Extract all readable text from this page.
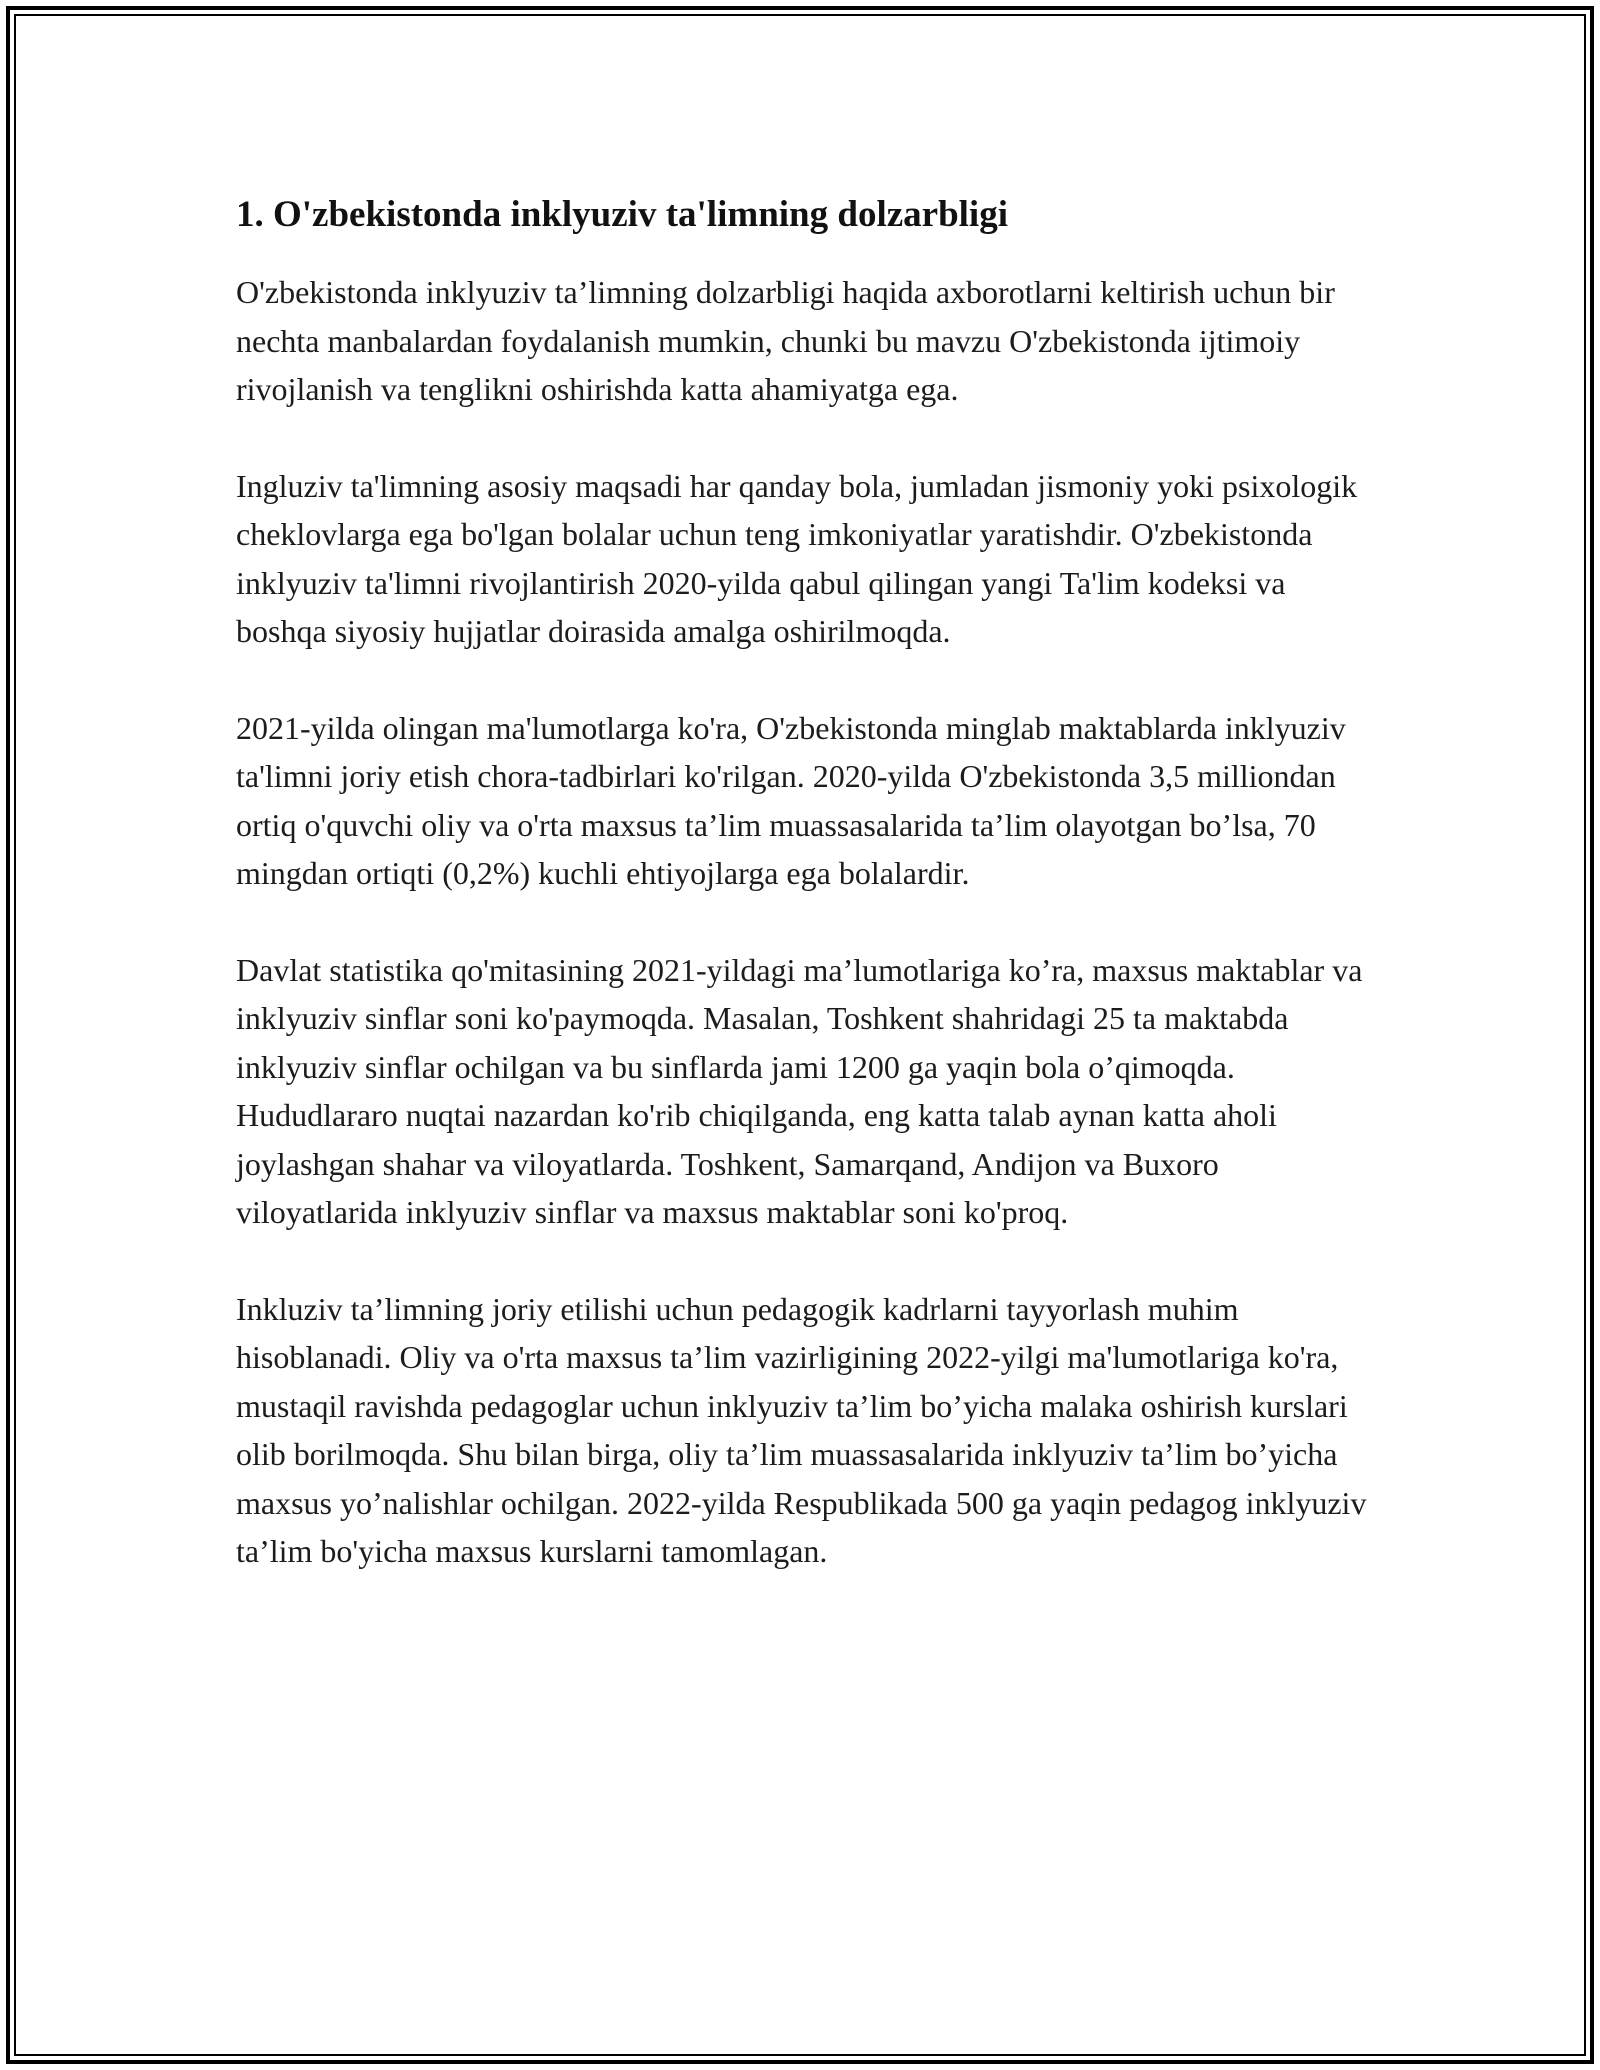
1. O'zbekistonda inklyuziv ta'limning dolzarbligi

O'zbekistonda inklyuziv ta’limning dolzarbligi haqida axborotlarni keltirish uchun bir nechta manbalardan foydalanish mumkin, chunki bu mavzu O'zbekistonda ijtimoiy rivojlanish va tenglikni oshirishda katta ahamiyatga ega.

Ingluziv ta'limning asosiy maqsadi har qanday bola, jumladan jismoniy yoki psixologik cheklovlarga ega bo'lgan bolalar uchun teng imkoniyatlar yaratishdir. O'zbekistonda inklyuziv ta'limni rivojlantirish 2020-yilda qabul qilingan yangi Ta'lim kodeksi va boshqa siyosiy hujjatlar doirasida amalga oshirilmoqda.

2021-yilda olingan ma'lumotlarga ko'ra, O'zbekistonda minglab maktablarda inklyuziv ta'limni joriy etish chora-tadbirlari ko'rilgan. 2020-yilda O'zbekistonda 3,5 milliondan ortiq o'quvchi oliy va o'rta maxsus ta’lim muassasalarida ta’lim olayotgan bo’lsa, 70 mingdan ortiqti (0,2%) kuchli ehtiyojlarga ega bolalardir.

Davlat statistika qo'mitasining 2021-yildagi ma’lumotlariga ko’ra, maxsus maktablar va inklyuziv sinflar soni ko'paymoqda. Masalan, Toshkent shahridagi 25 ta maktabda inklyuziv sinflar ochilgan va bu sinflarda jami 1200 ga yaqin bola o’qimoqda. Hududlararo nuqtai nazardan ko'rib chiqilganda, eng katta talab aynan katta aholi joylashgan shahar va viloyatlarda. Toshkent, Samarqand, Andijon va Buxoro viloyatlarida inklyuziv sinflar va maxsus maktablar soni ko'proq.

Inkluziv ta’limning joriy etilishi uchun pedagogik kadrlarni tayyorlash muhim hisoblanadi. Oliy va o'rta maxsus ta’lim vazirligining 2022-yilgi ma'lumotlariga ko'ra, mustaqil ravishda pedagoglar uchun inklyuziv ta’lim bo’yicha malaka oshirish kurslari olib borilmoqda. Shu bilan birga, oliy ta’lim muassasalarida inklyuziv ta’lim bo’yicha maxsus yo’nalishlar ochilgan. 2022-yilda Respublikada 500 ga yaqin pedagog inklyuziv ta’lim bo'yicha maxsus kurslarni tamomlagan.
